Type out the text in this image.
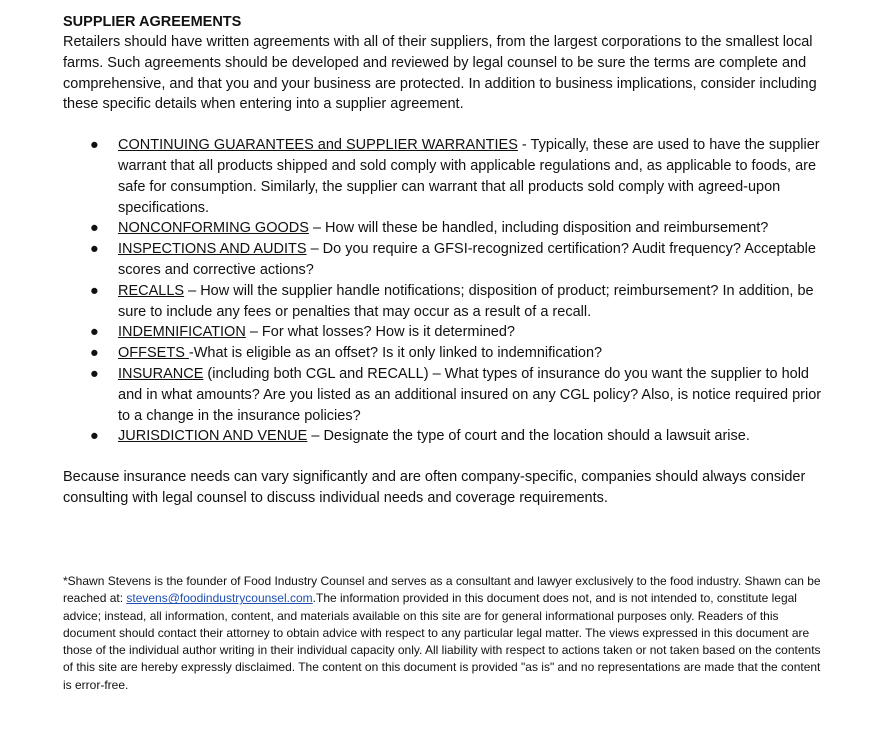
SUPPLIER AGREEMENTS

Retailers should have written agreements with all of their suppliers, from the largest corporations to the smallest local farms. Such agreements should be developed and reviewed by legal counsel to be sure the terms are complete and comprehensive, and that you and your business are protected. In addition to business implications, consider including these specific details when entering into a supplier agreement.

● CONTINUING GUARANTEES and SUPPLIER WARRANTIES - Typically, these are used to have the supplier warrant that all products shipped and sold comply with applicable regulations and, as applicable to foods, are safe for consumption. Similarly, the supplier can warrant that all products sold comply with agreed-upon specifications.
● NONCONFORMING GOODS – How will these be handled, including disposition and reimbursement?
● INSPECTIONS AND AUDITS – Do you require a GFSI-recognized certification? Audit frequency? Acceptable scores and corrective actions?
● RECALLS – How will the supplier handle notifications; disposition of product; reimbursement? In addition, be sure to include any fees or penalties that may occur as a result of a recall.
● INDEMNIFICATION – For what losses? How is it determined?
● OFFSETS -What is eligible as an offset? Is it only linked to indemnification?
● INSURANCE (including both CGL and RECALL) – What types of insurance do you want the supplier to hold and in what amounts? Are you listed as an additional insured on any CGL policy? Also, is notice required prior to a change in the insurance policies?
● JURISDICTION AND VENUE – Designate the type of court and the location should a lawsuit arise.

Because insurance needs can vary significantly and are often company-specific, companies should always consider consulting with legal counsel to discuss individual needs and coverage requirements.

*Shawn Stevens is the founder of Food Industry Counsel and serves as a consultant and lawyer exclusively to the food industry. Shawn can be reached at: stevens@foodindustrycounsel.com.The information provided in this document does not, and is not intended to, constitute legal advice; instead, all information, content, and materials available on this site are for general informational purposes only. Readers of this document should contact their attorney to obtain advice with respect to any particular legal matter. The views expressed in this document are those of the individual author writing in their individual capacity only. All liability with respect to actions taken or not taken based on the contents of this site are hereby expressly disclaimed. The content on this document is provided "as is" and no representations are made that the content is error-free.
